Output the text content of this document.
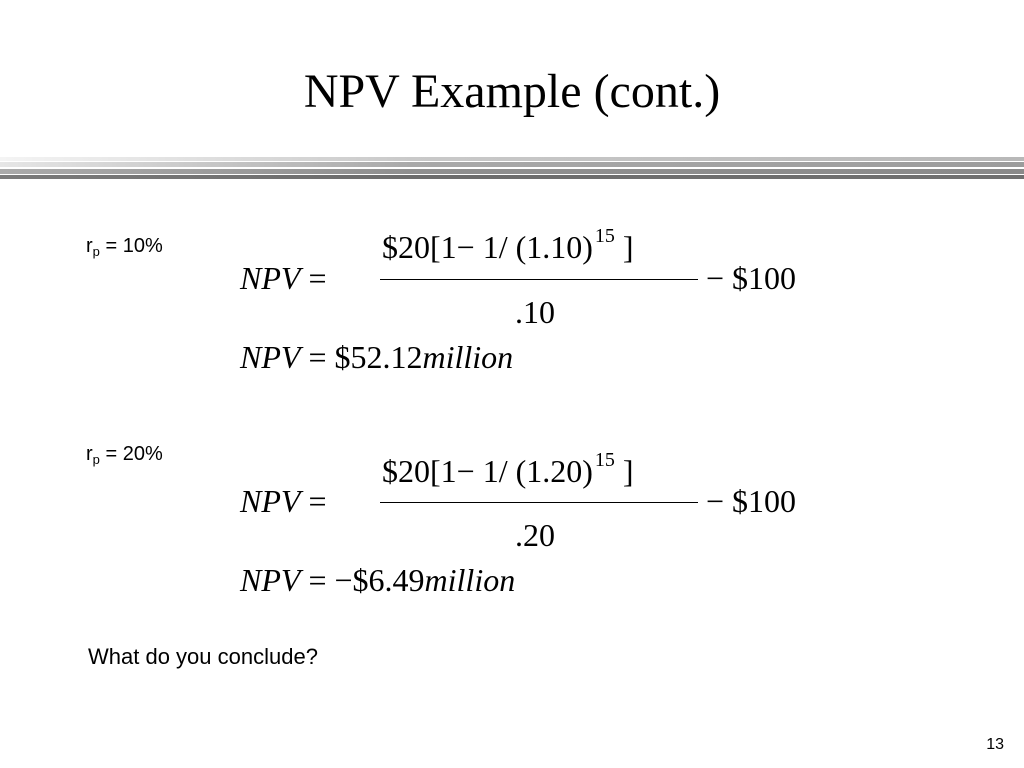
NPV Example (cont.)
$r_p = 10\%$
NPV =
$20[1− 1/ (1.10) $^{15}$ ]
.10
− $100
NPV = $52.12million
$r_p = 20\%$
NPV =
$20[1− 1/ (1.20) $^{15}$ ]
.20
− $100
NPV = −$6.49million
What do you conclude?
13
